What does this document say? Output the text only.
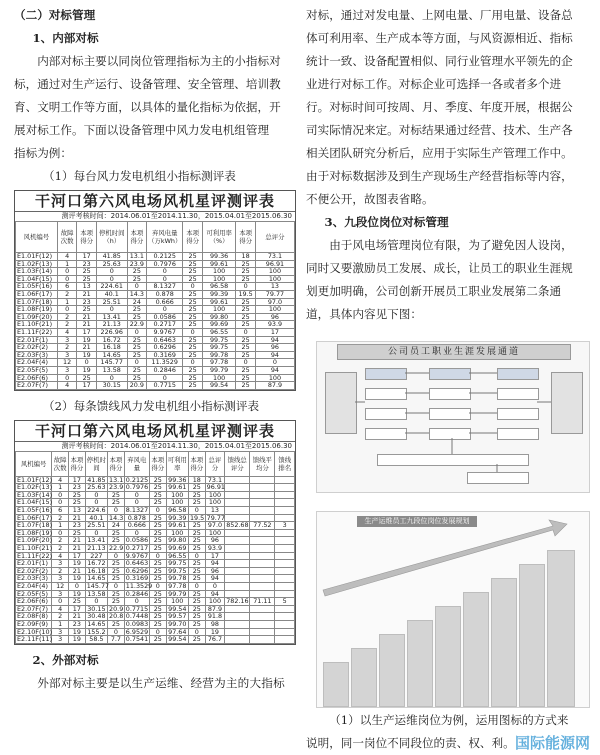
（二）对标管理
1、内部对标
内部对标主要以同岗位管理指标为主的小指标对
标，通过对生产运行、设备管理、安全管理、培训教
育、文明工作等方面，以具体的量化指标为依据，开
展对标工作。下面以设备管理中风力发电机组管理
指标为例：
（1）每台风力发电机组小指标测评表
干河口第六风电场风机星评测评表
测评考核时间：2014.06.01至2014.11.30，2015.04.01至2015.06.30
风机编号	故障次数	本项得分	停机时间（h）	本项得分	弃风电量（万kWh）	本项得分	可利用率（%）	本项得分	总评分
E1.01F(12)	4	17	41.85	13.1	0.2125	25	99.36	18	73.1
E1.02F(13)	1	23	25.63	23.9	0.7976	25	99.61	25	96.91
E1.03F(14)	0	25	0	25	0	25	100	25	100
E1.04F(15)	0	25	0	25	0	25	100	25	100
E1.05F(16)	6	13	224.61	0	8.1327	0	96.58	0	13
E1.06F(17)	2	21	40.1	14.3	0.878	25	99.39	19.5	79.77
E1.07F(18)	1	23	25.51	24	0.666	25	99.61	25	97.0
E1.08F(19)	0	25	0	25	0	25	100	25	100
E1.09F(20)	2	21	13.41	25	0.0586	25	99.80	25	96
E1.10F(21)	2	21	21.13	22.9	0.2717	25	99.69	25	93.9
E1.11F(22)	4	17	226.96	0	9.9767	0	96.55	0	17
E2.01F(1)	3	19	16.72	25	0.6463	25	99.75	25	94
E2.02F(2)	2	21	16.18	25	0.6296	25	99.75	25	96
E2.03F(3)	3	19	14.65	25	0.3169	25	99.78	25	94
E2.04F(4)	12	0	145.77	0	11.3529	0	97.78	0	0
E2.05F(5)	3	19	13.58	25	0.2846	25	99.79	25	94
E2.06F(6)	0	25	0	25	0	25	100	25	100
E2.07F(7)	4	17	30.15	20.9	0.7715	25	99.54	25	87.9
（2）每条馈线风力发电机组小指标测评表
干河口第六风电场风机星评测评表
测评考核时间：2014.06.01至2014.11.30，2015.04.01至2015.06.30
风机编号	故障次数	本项得分	停机时间	本项得分	弃风电量	本项得分	可利用率	本项得分	总评分	馈线总评分	馈线平均分	馈线排名
E1.01F(12)	4	17	41.85	13.1	0.2125	25	99.36	18	73.1			
E1.02F(13)	1	23	25.63	23.9	0.7976	25	99.61	25	96.91			
E1.03F(14)	0	25	0	25	0	25	100	25	100			
E1.04F(15)	0	25	0	25	0	25	100	25	100			
E1.05F(16)	6	13	224.6	0	8.1327	0	96.58	0	13			
E1.06F(17)	2	21	40.1	14.3	0.878	25	99.39	19.5	79.77			
E1.07F(18)	1	23	25.51	24	0.666	25	99.61	25	97.0	852.68	77.52	3
E1.08F(19)	0	25	0	25	0	25	100	25	100			
E1.09F(20)	2	21	13.41	25	0.0586	25	99.80	25	96			
E1.10F(21)	2	21	21.13	22.9	0.2717	25	99.69	25	93.9			
E1.11F(22)	4	17	227	0	9.9767	0	96.55	0	17			
E2.01F(1)	3	19	16.72	25	0.6463	25	99.75	25	94			
E2.02F(2)	2	21	16.18	25	0.6296	25	99.75	25	96			
E2.03F(3)	3	19	14.65	25	0.3169	25	99.78	25	94			
E2.04F(4)	12	0	145.77	0	11.3529	0	97.78	0	0			
E2.05F(5)	3	19	13.58	25	0.2846	25	99.79	25	94			
E2.06F(6)	0	25	0	25	0	25	100	25	100	782.16	71.11	5
E2.07F(7)	4	17	30.15	20.9	0.7715	25	99.54	25	87.9			
E2.08F(8)	2	21	30.48	20.8	0.7448	25	99.57	25	91.8			
E2.09F(9)	1	23	14.65	25	0.0983	25	99.70	25	98			
E2.10F(10)	3	19	155.2	0	6.9529	0	97.64	0	19			
E2.11F(11)	3	19	58.5	7.7	0.7541	25	99.54	25	76.7			
2、外部对标
外部对标主要是以生产运维、经营为主的大指标
对标，通过对发电量、上网电量、厂用电量、设备总
体可利用率、生产成本等方面，与风资源相近、指标
统计一致、设备配置相似、同行业管理水平领先的企
业进行对标工作。对标企业可选择一各或者多个进
行。对标时间可按周、月、季度、年度开展，根据公
司实际情况来定。对标结果通过经营、技术、生产各
相关团队研究分析后，应用于实际生产管理工作中。
由于对标数据涉及到生产现场生产经营指标等内容，
不便公开，故图表省略。
3、九段位岗位对标管理
由于风电场管理岗位有限，为了避免因人设岗，
同时又要激励员工发展、成长，让员工的职业生涯规
划更加明确，公司创新开展员工职业发展第二条通
道，具体内容见下图：
公司员工职业生涯发展通道
生产运维员工九段位岗位发展规划
（1）以生产运维岗位为例，运用图标的方式来
说明，同一岗位不同段位的责、权、利。 国际能源网
